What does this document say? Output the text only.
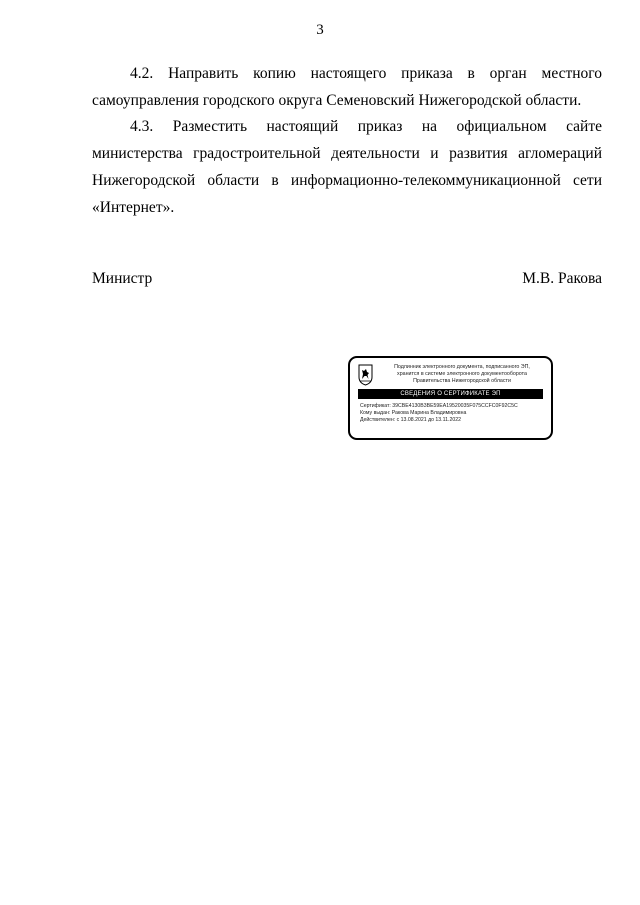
3

4.2. Направить копию настоящего приказа в орган местного самоуправления городского округа Семеновский Нижегородской области.

4.3. Разместить настоящий приказ на официальном сайте министерства градостроительной деятельности и развития агломераций Нижегородской области в информационно-телекоммуникационной сети «Интернет».

Министр	М.В. Ракова
Подлинник электронного документа, подписанного ЭП,
хранится в системе электронного документооборота
Правительства Нижегородской области
СВЕДЕНИЯ О СЕРТИФИКАТЕ ЭП
Сертификат: 39CBE4130B3BE59EA19520035F075CCFC0F92C5C
Кому выдан: Ракова Марина Владимировна
Действителен: с 13.08.2021 до 13.11.2022
